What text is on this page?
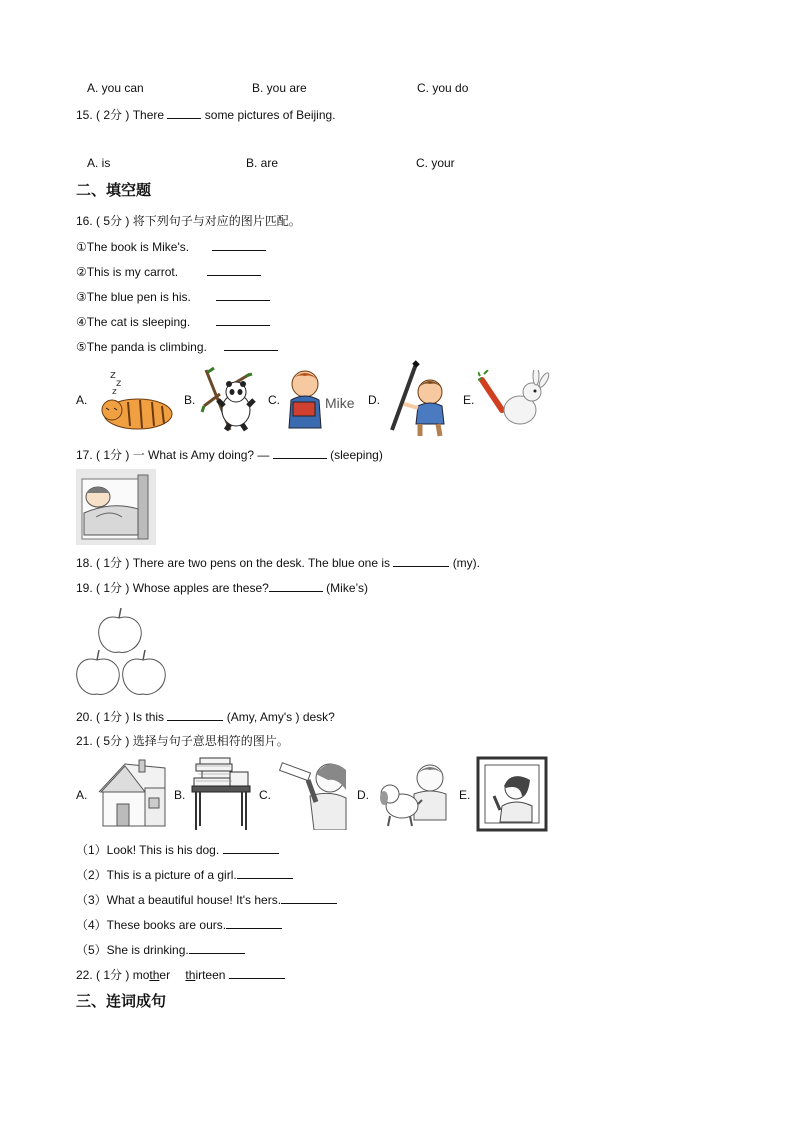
A. you can	B. you are	C. you do
15. ( 2分 ) There	some pictures of Beijing.
A. is	B. are	C. your
二、填空题
16. ( 5分 ) 将下列句子与对应的图片匹配。
①The book is Mike's.
②This is my carrot.
③The blue pen is his.
④The cat is sleeping.
⑤The panda is climbing.
A.
z
z
z
B.	C.	Mike D.	E.
17. ( 1分 ) 一 What is Amy doing? —	(sleeping)
18. ( 1分 ) There are two pens on the desk. The blue one is	(my).
19. ( 1分 ) Whose apples are these?	(Mike’s)
20. ( 1分 ) Is this	(Amy, Amy's ) desk?
21. ( 5分 ) 选择与句子意思相符的图片。
A.	B.	C.	D.	E.
（1）Look! This is his dog.
（2）This is a picture of a girl.
（3）What a beautiful house! It's hers.
（4）These books are ours.
（5）She is drinking.
22. ( 1分 ) mother thirteen
三、连词成句
